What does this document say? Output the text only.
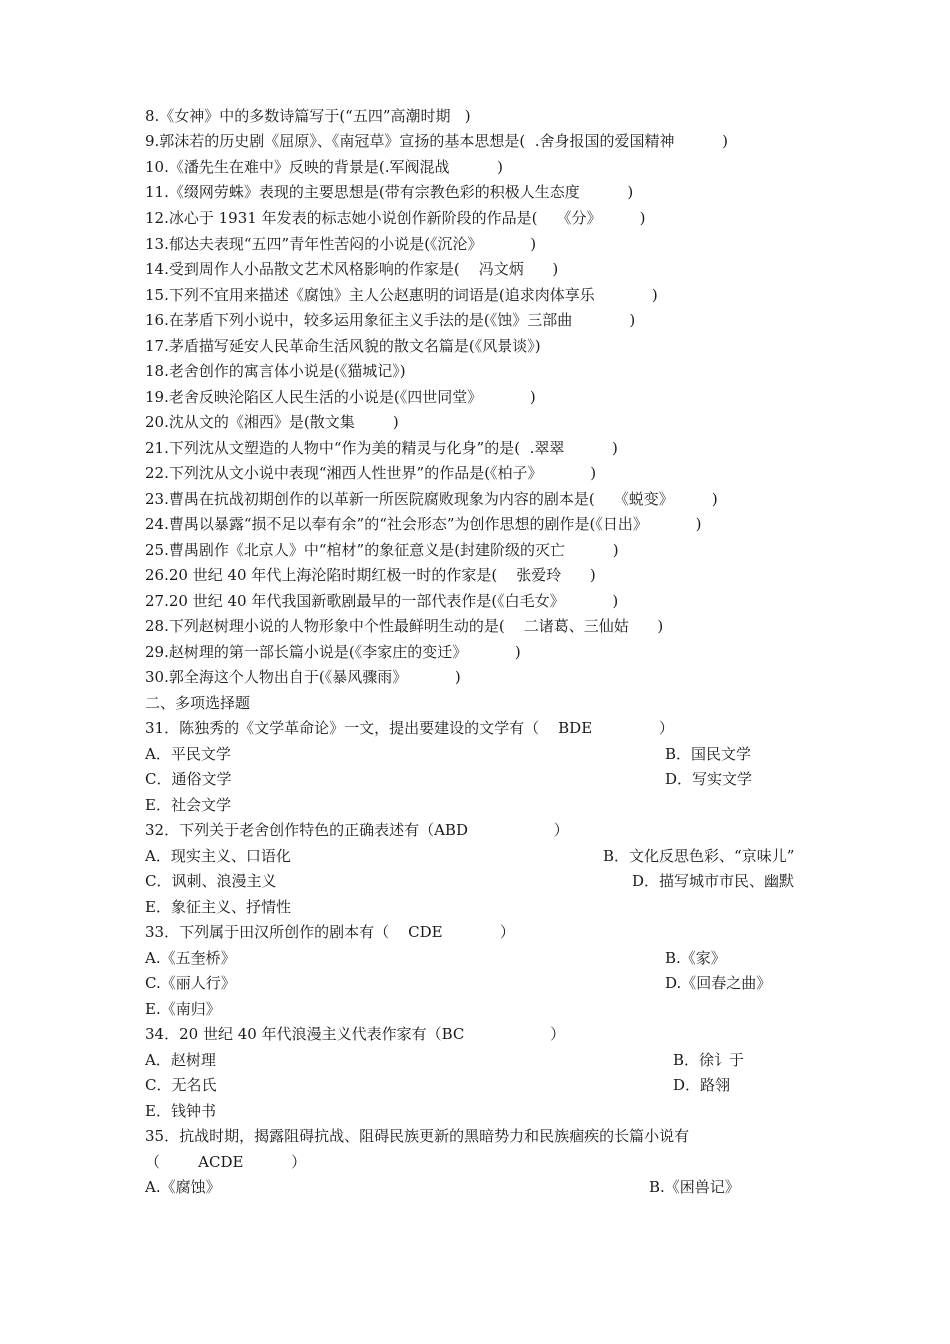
8.《女神》中的多数诗篇写于(“五四”高潮时期   )
9.郭沫若的历史剧《屈原》、《南冠草》宣扬的基本思想是(  .舍身报国的爱国精神          )
10.《潘先生在难中》反映的背景是(.军阀混战          )
11.《缀网劳蛛》表现的主要思想是(带有宗教色彩的积极人生态度          )
12.冰心于 1931 年发表的标志她小说创作新阶段的作品是(    《分》        )
13.郁达夫表现“五四”青年性苦闷的小说是(《沉沦》          )
14.受到周作人小品散文艺术风格影响的作家是(    冯文炳      )
15.下列不宜用来描述《腐蚀》主人公赵惠明的词语是(追求肉体享乐            )
16.在茅盾下列小说中，较多运用象征主义手法的是(《蚀》三部曲            )
17.茅盾描写延安人民革命生活风貌的散文名篇是(《风景谈》)
18.老舍创作的寓言体小说是(《猫城记》)
19.老舍反映沦陷区人民生活的小说是(《四世同堂》          )
20.沈从文的《湘西》是(散文集        )
21.下列沈从文塑造的人物中“作为美的精灵与化身”的是(  .翠翠          )
22.下列沈从文小说中表现“湘西人性世界”的作品是(《柏子》          )
23.曹禺在抗战初期创作的以革新一所医院腐败现象为内容的剧本是(    《蜕变》        )
24.曹禺以暴露“损不足以奉有余”的“社会形态”为创作思想的剧作是(《日出》          )
25.曹禺剧作《北京人》中“棺材”的象征意义是(封建阶级的灭亡          )
26.20 世纪 40 年代上海沦陷时期红极一时的作家是(    张爱玲      )
27.20 世纪 40 年代我国新歌剧最早的一部代表作是(《白毛女》          )
28.下列赵树理小说的人物形象中个性最鲜明生动的是(    二诸葛、三仙姑      )
29.赵树理的第一部长篇小说是(《李家庄的变迁》          )
30.郭全海这个人物出自于(《暴风骤雨》          )
二、多项选择题
31．陈独秀的《文学革命论》一文，提出要建设的文学有（    BDE              ）
A．平民文学	B．国民文学
C．通俗文学	D．写实文学
E．社会文学
32．下列关于老舍创作特色的正确表述有（ABD                  ）
A．现实主义、口语化	B．文化反思色彩、“京味儿”
C．讽刺、浪漫主义	D．描写城市市民、幽默
E．象征主义、抒情性
33．下列属于田汉所创作的剧本有（    CDE            ）
A.《五奎桥》	B.《家》
C.《丽人行》	D.《回春之曲》
E.《南归》
34．20 世纪 40 年代浪漫主义代表作家有（BC                  ）
A．赵树理	B．徐讠于
C．无名氏	D．路翎
E．钱钟书
35．抗战时期，揭露阻碍抗战、阻碍民族更新的黑暗势力和民族痼疾的长篇小说有
（        ACDE          ）
A.《腐蚀》	B.《困兽记》
